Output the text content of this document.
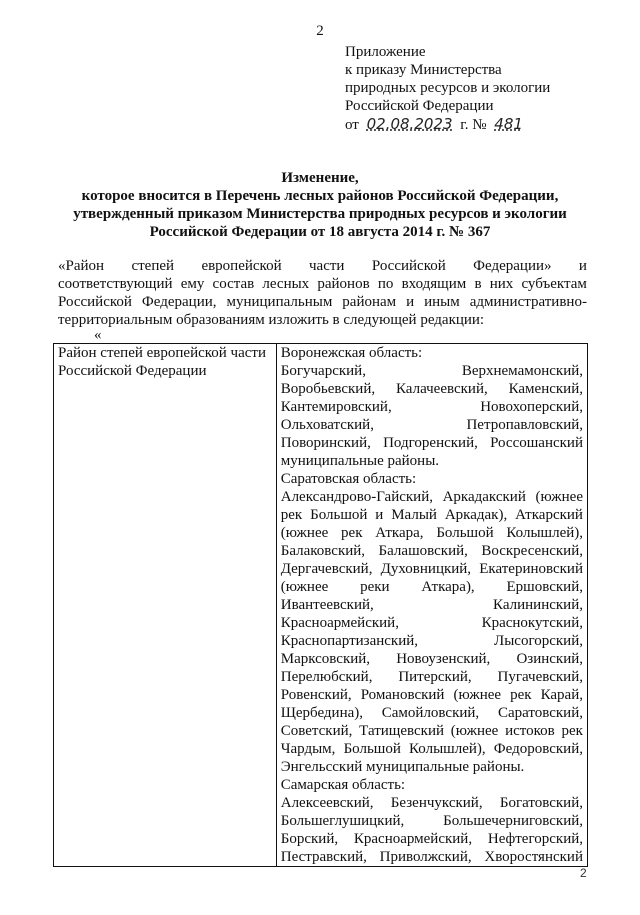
2
Приложение
к приказу Министерства
природных ресурсов и экологии
Российской Федерации
от 02.08.2023 г. № 481
Изменение,
которое вносится в Перечень лесных районов Российской Федерации,
утвержденный приказом Министерства природных ресурсов и экологии
Российской Федерации от 18 августа 2014 г. № 367
«Район степей европейской части Российской Федерации» и
соответствующий ему состав лесных районов по входящим в них субъектам
Российской Федерации, муниципальным районам и иным административно-
территориальным образованиям изложить в следующей редакции:
«
Район степей европейской части
Российской Федерации

Воронежская область:
Богучарский,	Верхнемамонский,
Воробьевский, Калачеевский, Каменский,
Кантемировский,	Новохоперский,
Ольховатский,	Петропавловский,
Поворинский, Подгоренский, Россошанский
муниципальные районы.
Саратовская область:
Александрово-Гайский, Аркадакский (южнее
рек Большой и Малый Аркадак), Аткарский
(южнее рек Аткара, Большой Колышлей),
Балаковский, Балашовский, Воскресенский,
Дергачевский, Духовницкий, Екатериновский
(южнее реки Аткара), Ершовский,
Ивантеевский,	Калининский,
Красноармейский,	Краснокутский,
Краснопартизанский,	Лысогорский,
Марксовский, Новоузенский, Озинский,
Перелюбский, Питерский, Пугачевский,
Ровенский, Романовский (южнее рек Карай,
Щербедина), Самойловский, Саратовский,
Советский, Татищевский (южнее истоков рек
Чардым, Большой Колышлей), Федоровский,
Энгельсский муниципальные районы.
Самарская область:
Алексеевский, Безенчукский, Богатовский,
Большеглушицкий,	Большечерниговский,
Борский, Красноармейский, Нефтегорский,
Пестравский, Приволжский, Хворостянский
2
